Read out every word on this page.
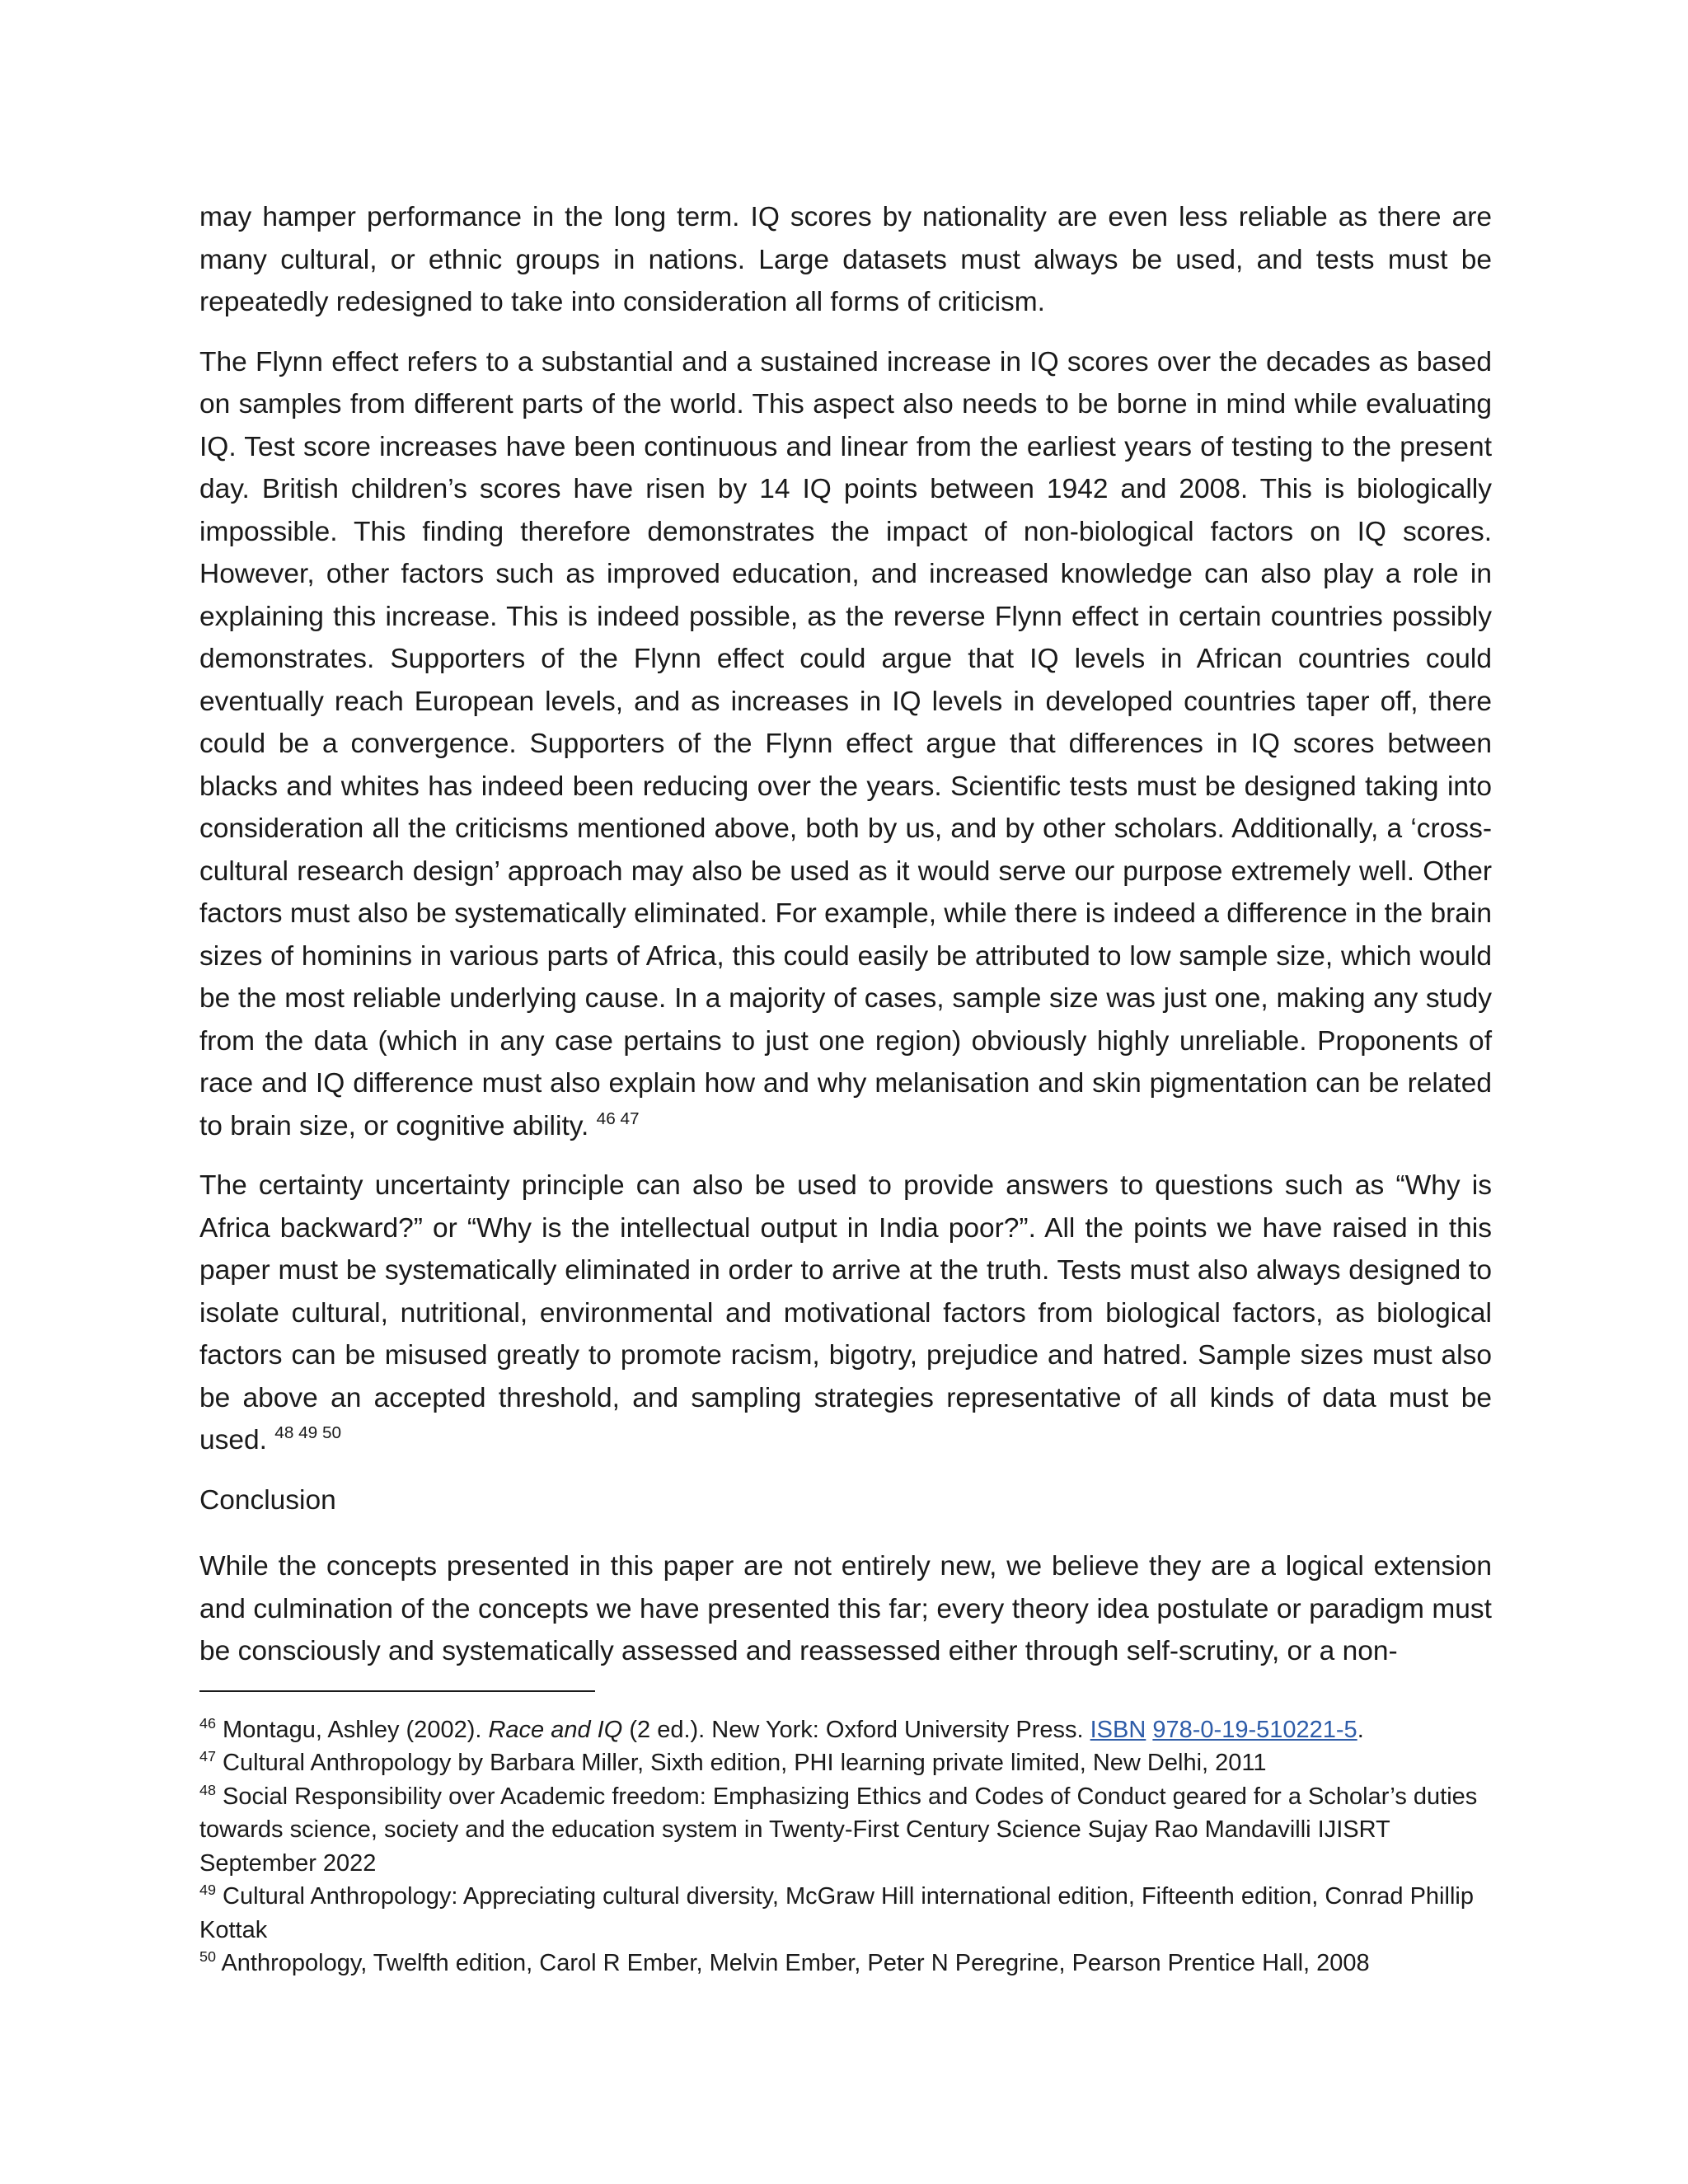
may hamper performance in the long term. IQ scores by nationality are even less reliable as there are many cultural, or ethnic groups in nations. Large datasets must always be used, and tests must be repeatedly redesigned to take into consideration all forms of criticism.

The Flynn effect refers to a substantial and a sustained increase in IQ scores over the decades as based on samples from different parts of the world. This aspect also needs to be borne in mind while evaluating IQ. Test score increases have been continuous and linear from the earliest years of testing to the present day. British children’s scores have risen by 14 IQ points between 1942 and 2008. This is biologically impossible. This finding therefore demonstrates the impact of non-biological factors on IQ scores. However, other factors such as improved education, and increased knowledge can also play a role in explaining this increase. This is indeed possible, as the reverse Flynn effect in certain countries possibly demonstrates. Supporters of the Flynn effect could argue that IQ levels in African countries could eventually reach European levels, and as increases in IQ levels in developed countries taper off, there could be a convergence. Supporters of the Flynn effect argue that differences in IQ scores between blacks and whites has indeed been reducing over the years. Scientific tests must be designed taking into consideration all the criticisms mentioned above, both by us, and by other scholars. Additionally, a ‘cross-cultural research design’ approach may also be used as it would serve our purpose extremely well. Other factors must also be systematically eliminated. For example, while there is indeed a difference in the brain sizes of hominins in various parts of Africa, this could easily be attributed to low sample size, which would be the most reliable underlying cause. In a majority of cases, sample size was just one, making any study from the data (which in any case pertains to just one region) obviously highly unreliable. Proponents of race and IQ difference must also explain how and why melanisation and skin pigmentation can be related to brain size, or cognitive ability. $^{46 47}$

The certainty uncertainty principle can also be used to provide answers to questions such as “Why is Africa backward?” or “Why is the intellectual output in India poor?”. All the points we have raised in this paper must be systematically eliminated in order to arrive at the truth. Tests must also always designed to isolate cultural, nutritional, environmental and motivational factors from biological factors, as biological factors can be misused greatly to promote racism, bigotry, prejudice and hatred. Sample sizes must also be above an accepted threshold, and sampling strategies representative of all kinds of data must be used. $^{48 49 50}$

Conclusion

While the concepts presented in this paper are not entirely new, we believe they are a logical extension and culmination of the concepts we have presented this far; every theory idea postulate or paradigm must be consciously and systematically assessed and reassessed either through self-scrutiny, or a non-

$^{46}$ Montagu, Ashley (2002). Race and IQ (2 ed.). New York: Oxford University Press. ISBN 978-0-19-510221-5.

$^{47}$ Cultural Anthropology by Barbara Miller, Sixth edition, PHI learning private limited, New Delhi, 2011

$^{48}$ Social Responsibility over Academic freedom: Emphasizing Ethics and Codes of Conduct geared for a Scholar’s duties towards science, society and the education system in Twenty-First Century Science Sujay Rao Mandavilli IJISRT September 2022

$^{49}$ Cultural Anthropology: Appreciating cultural diversity, McGraw Hill international edition, Fifteenth edition, Conrad Phillip Kottak

$^{50}$ Anthropology, Twelfth edition, Carol R Ember, Melvin Ember, Peter N Peregrine, Pearson Prentice Hall, 2008
